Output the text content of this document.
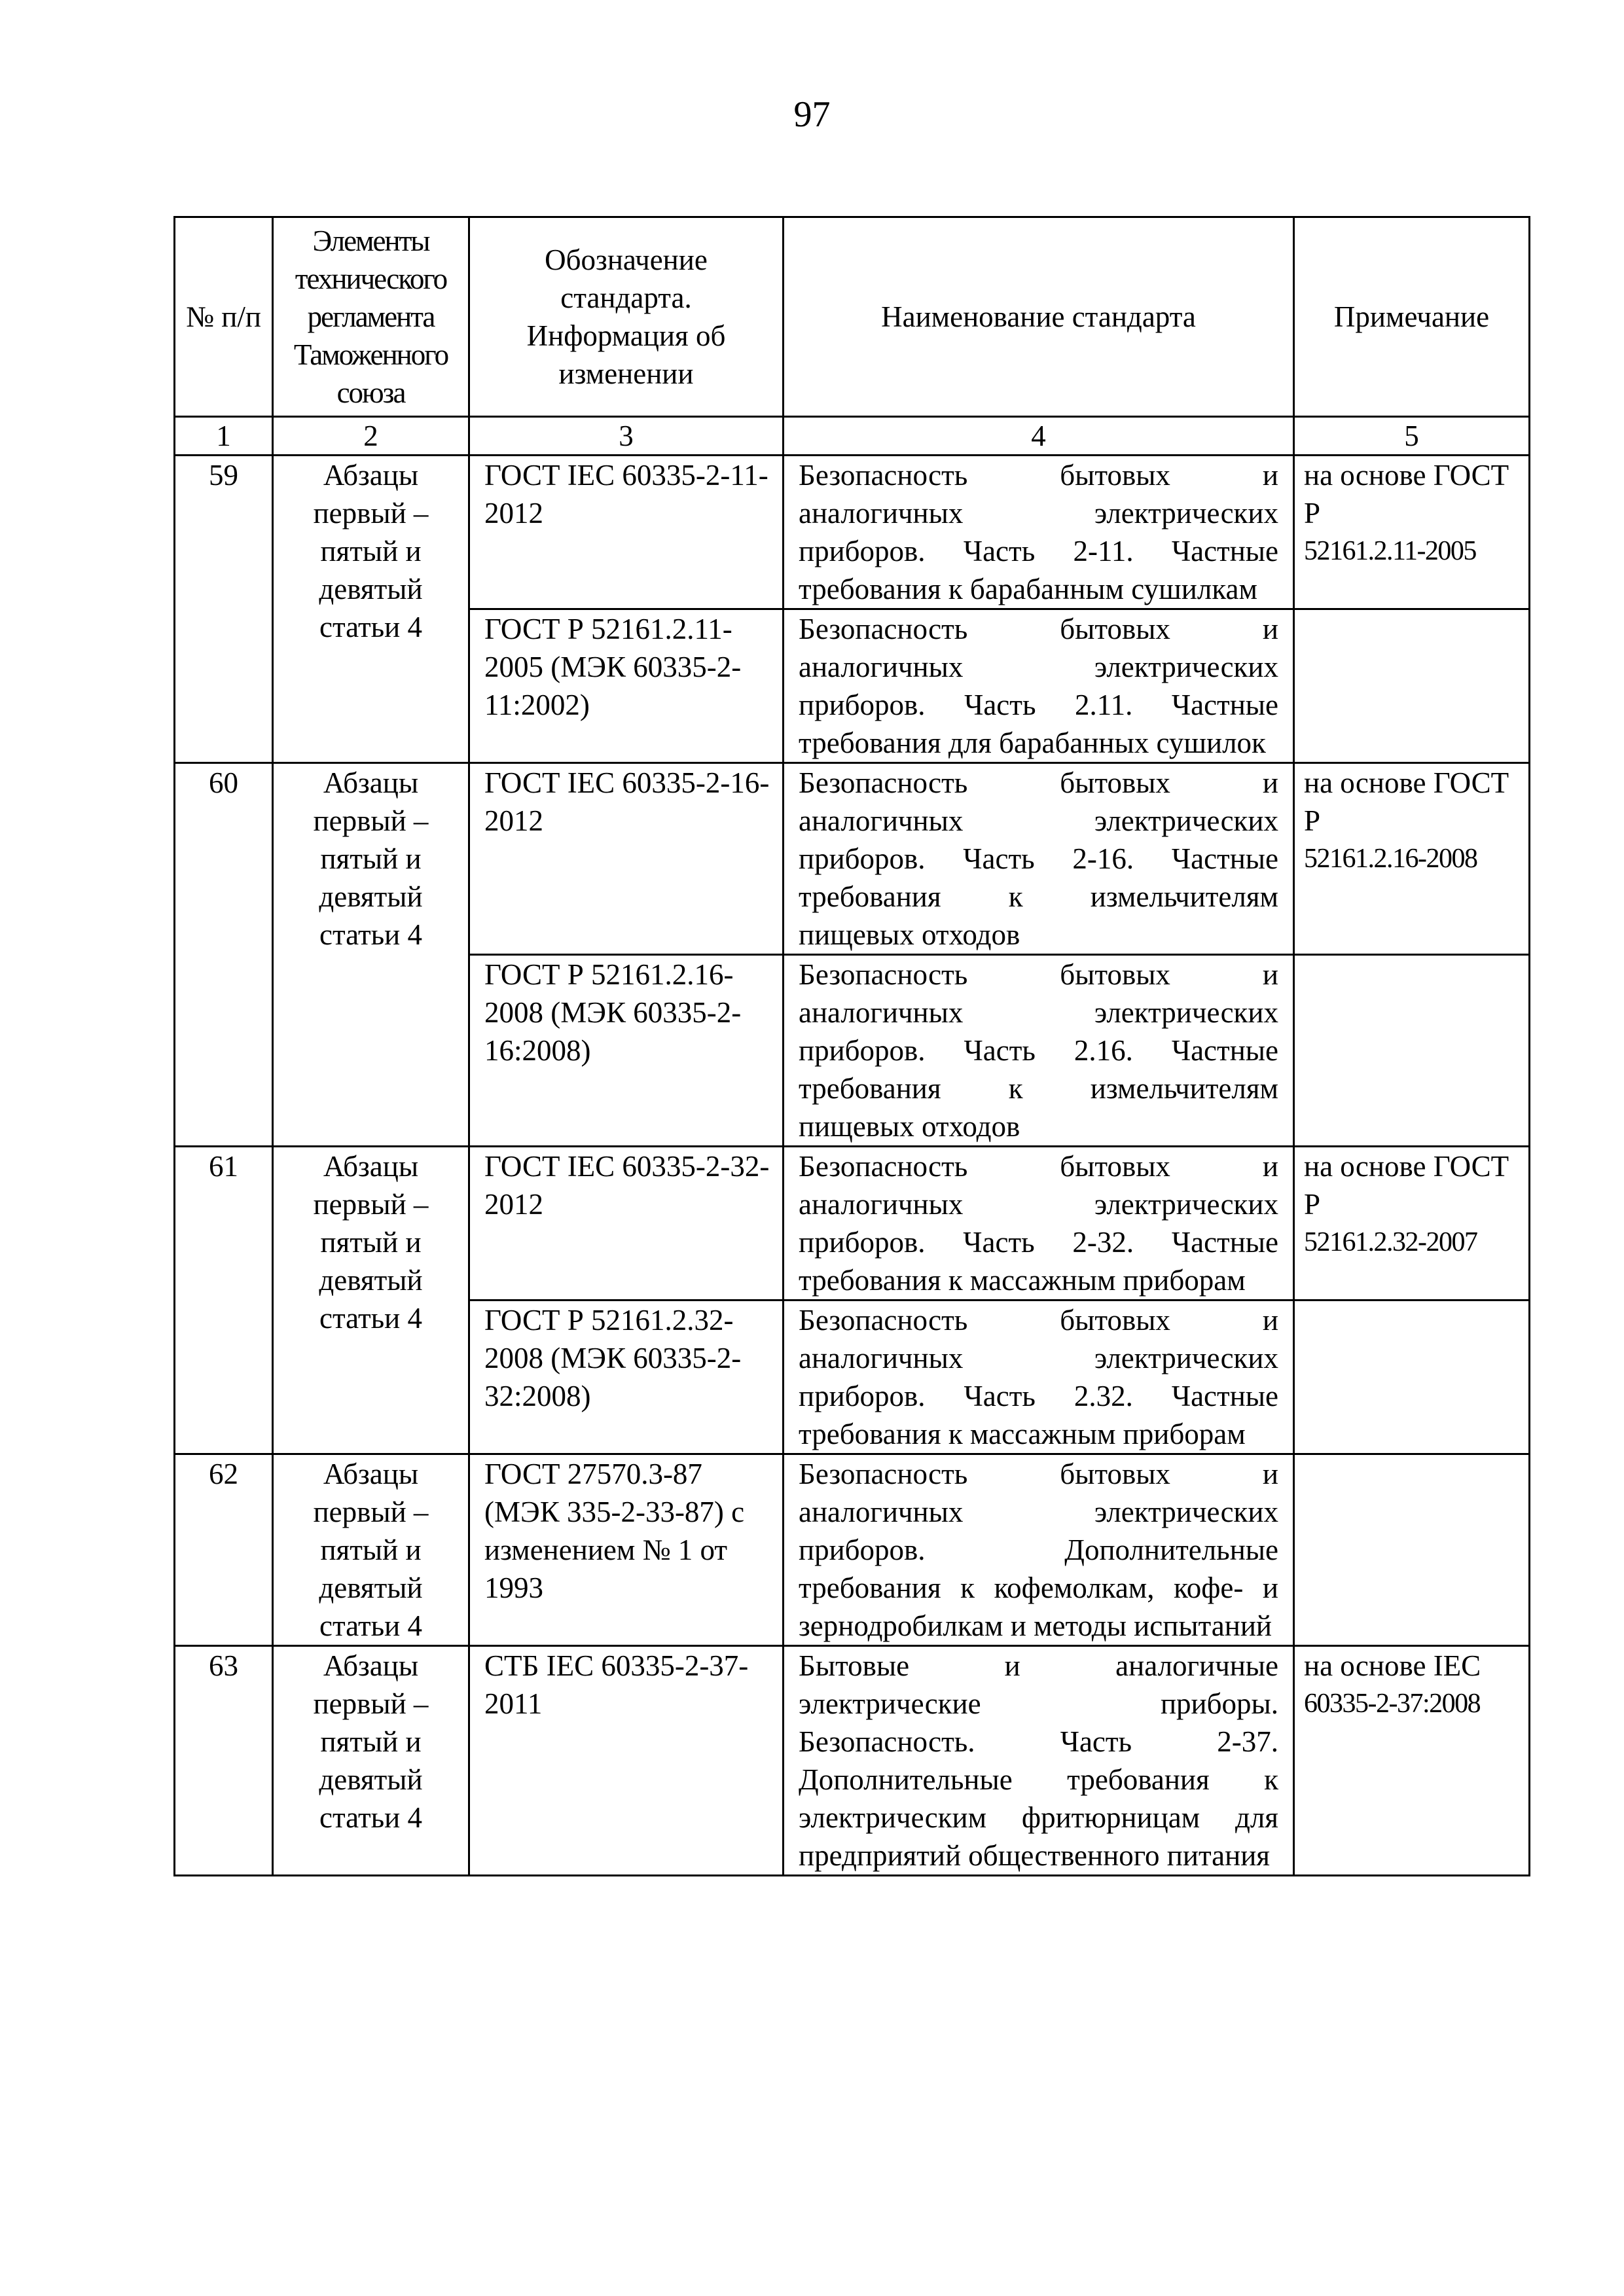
97
№ п/п	Элементы технического регламента Таможенного союза	Обозначение стандарта. Информация об изменении	Наименование стандарта	Примечание
1	2	3	4	5
59	Абзацы первый – пятый и девятый статьи 4	ГОСТ IEC 60335-2-11-2012	Безопасность бытовых и аналогичных электрических приборов. Часть 2-11. Частные требования к барабанным сушилкам	на основе ГОСТ Р
52161.2.11-2005

		ГОСТ Р 52161.2.11-2005 (МЭК 60335-2-11:2002)	Безопасность бытовых и аналогичных электрических приборов. Часть 2.11. Частные требования для барабанных сушилок	

60	Абзацы первый – пятый и девятый статьи 4	ГОСТ IEC 60335-2-16-2012	Безопасность бытовых и аналогичных электрических приборов. Часть 2-16. Частные требования к измельчителям пищевых отходов	на основе ГОСТ Р
52161.2.16-2008

		ГОСТ Р 52161.2.16-2008 (МЭК 60335-2-16:2008)	Безопасность бытовых и аналогичных электрических приборов. Часть 2.16. Частные требования к измельчителям пищевых отходов	

61	Абзацы первый – пятый и девятый статьи 4	ГОСТ IEC 60335-2-32-2012	Безопасность бытовых и аналогичных электрических приборов. Часть 2-32. Частные требования к массажным приборам	на основе ГОСТ Р
52161.2.32-2007

		ГОСТ Р 52161.2.32-2008 (МЭК 60335-2-32:2008)	Безопасность бытовых и аналогичных электрических приборов. Часть 2.32. Частные требования к массажным приборам	

62	Абзацы первый – пятый и девятый статьи 4	ГОСТ 27570.3-87 (МЭК 335-2-33-87) с изменением № 1 от 1993	Безопасность бытовых и аналогичных электрических приборов. Дополнительные требования к кофемолкам, кофе- и зернодробилкам и методы испытаний	

63	Абзацы первый – пятый и девятый статьи 4	СТБ IEC 60335-2-37-2011	Бытовые и аналогичные электрические приборы. Безопасность. Часть 2-37. Дополнительные требования к электрическим фритюрницам для предприятий общественного питания	на основе IEC
60335-2-37:2008
